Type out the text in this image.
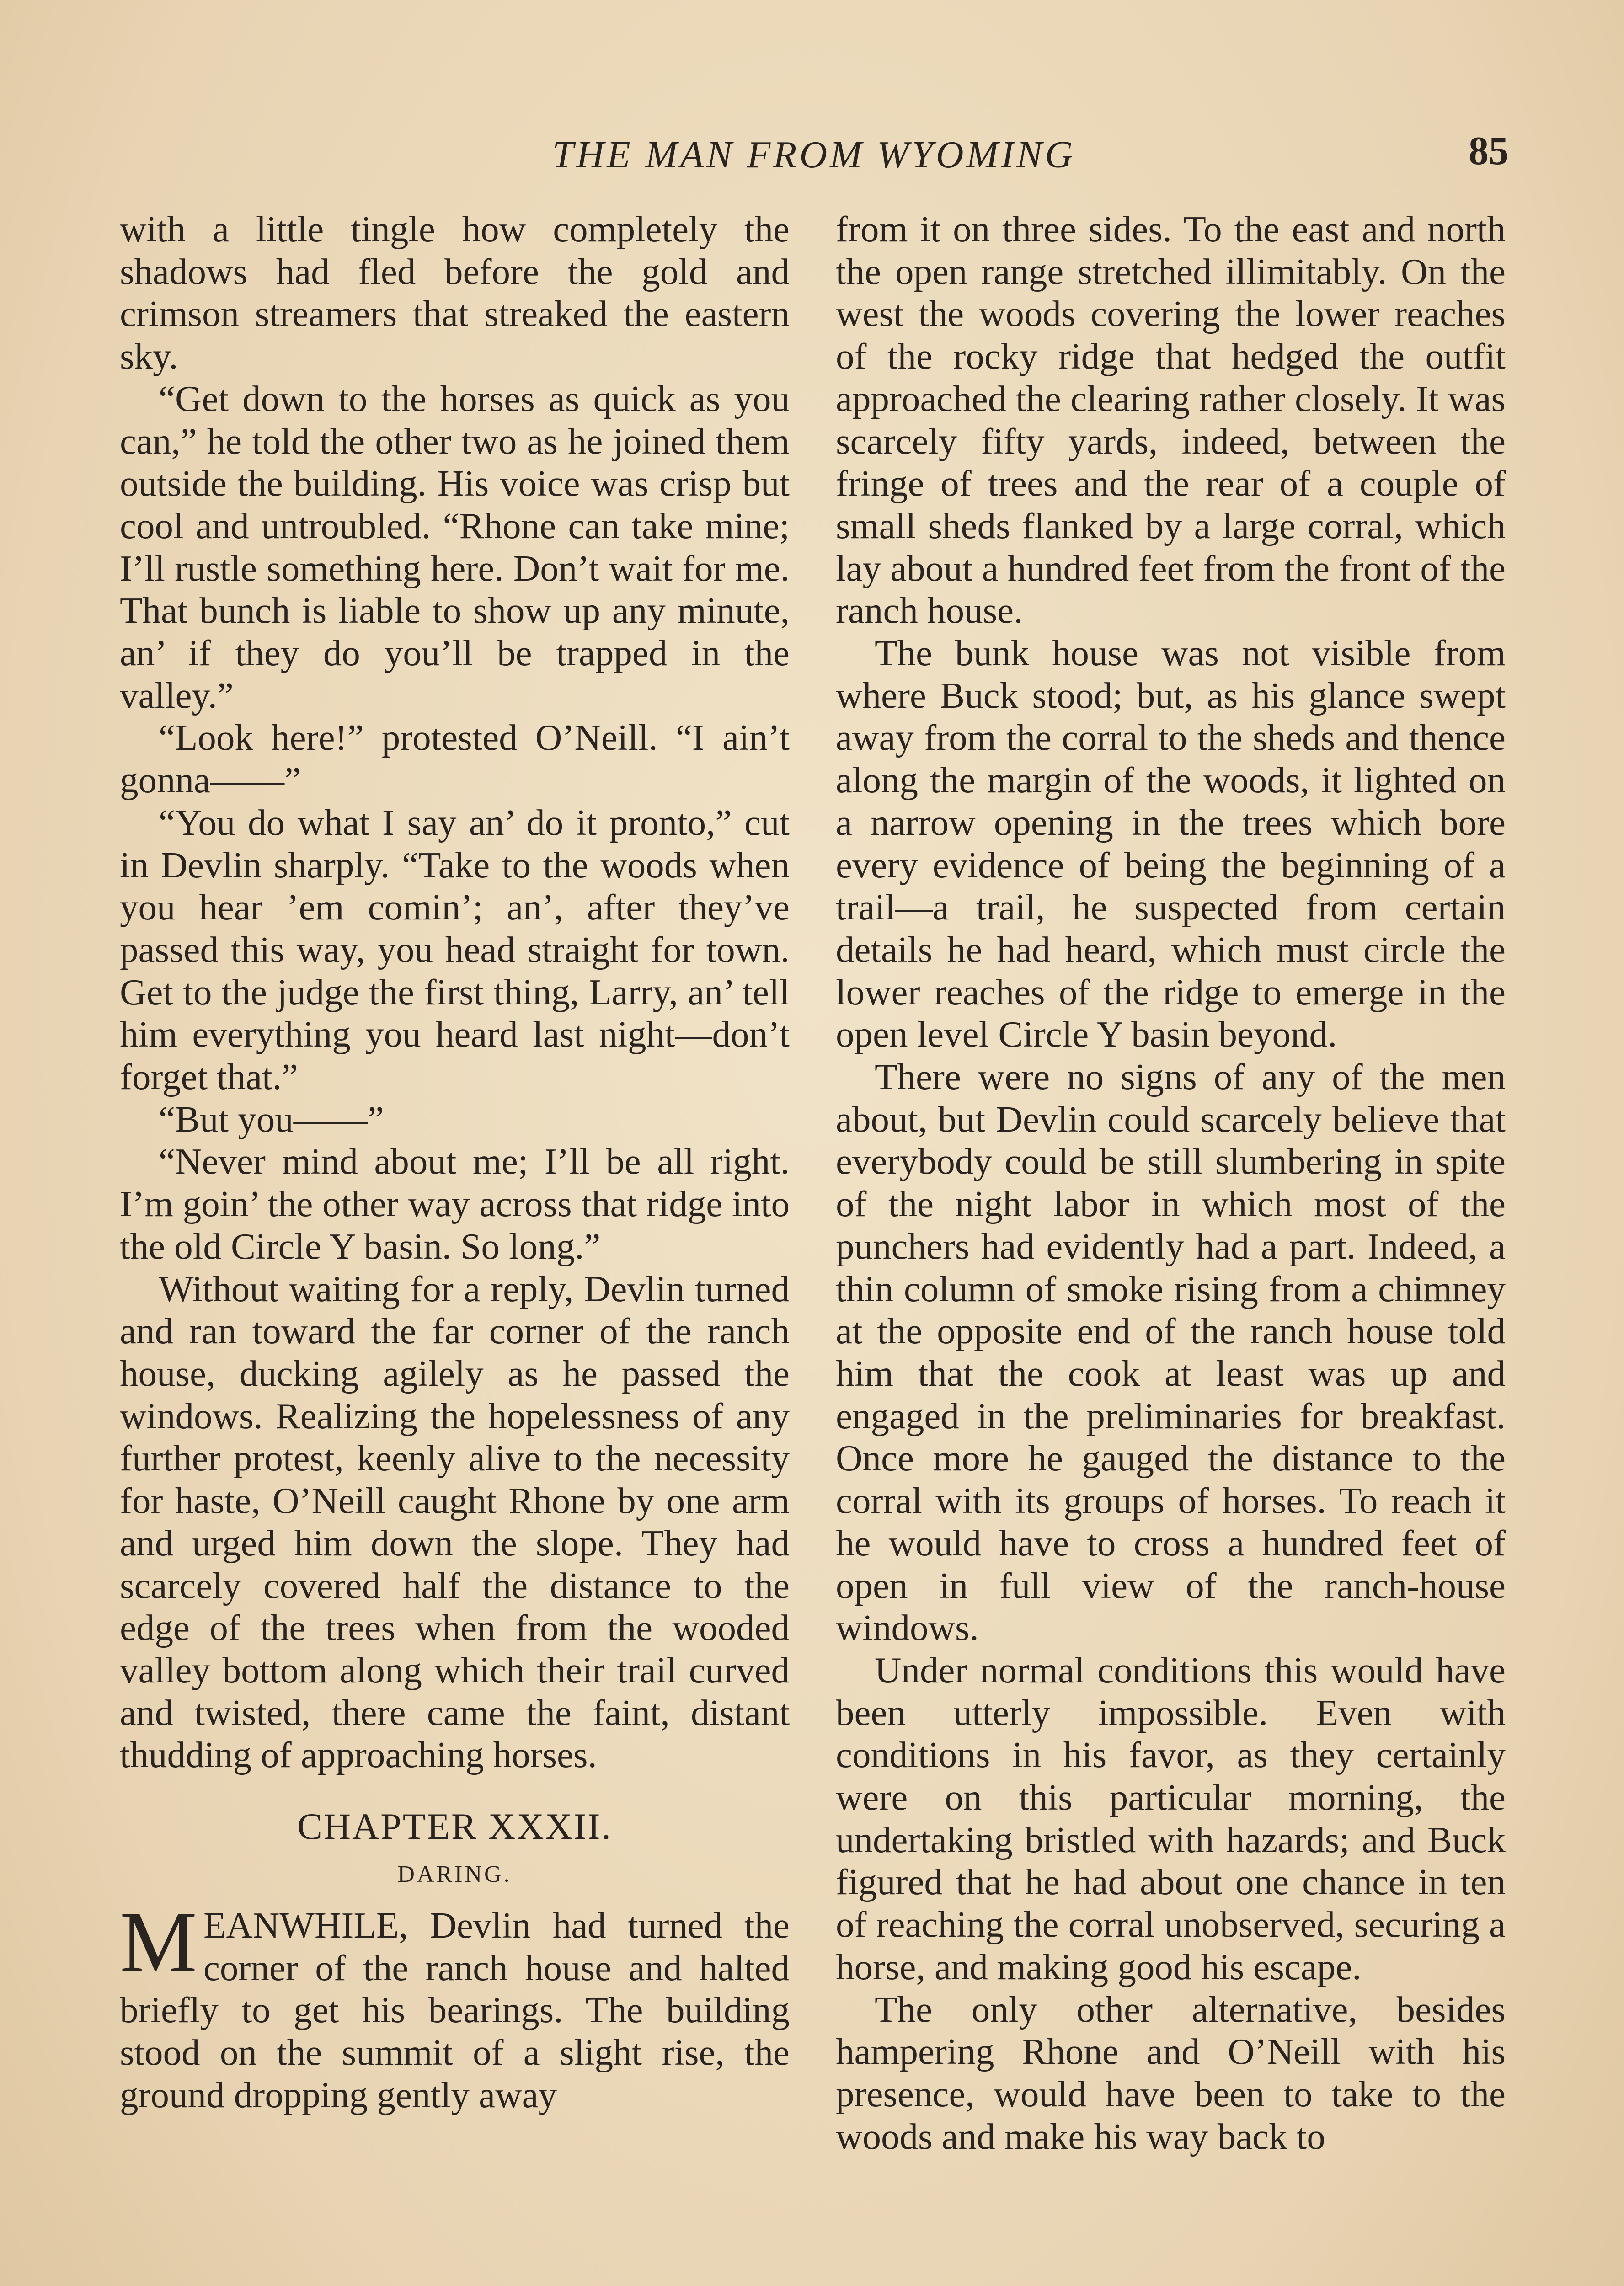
THE MAN FROM WYOMING	85

with a little tingle how completely the shadows had fled before the gold and crimson streamers that streaked the eastern sky.

“Get down to the horses as quick as you can,” he told the other two as he joined them outside the building. His voice was crisp but cool and untroubled. “Rhone can take mine; I’ll rustle something here. Don’t wait for me. That bunch is liable to show up any minute, an’ if they do you’ll be trapped in the valley.”

“Look here!” protested O’Neill. “I ain’t gonna——”

“You do what I say an’ do it pronto,” cut in Devlin sharply. “Take to the woods when you hear ’em comin’; an’, after they’ve passed this way, you head straight for town. Get to the judge the first thing, Larry, an’ tell him everything you heard last night—don’t forget that.”

“But you——”

“Never mind about me; I’ll be all right. I’m goin’ the other way across that ridge into the old Circle Y basin. So long.”

Without waiting for a reply, Devlin turned and ran toward the far corner of the ranch house, ducking agilely as he passed the windows. Realizing the hopelessness of any further protest, keenly alive to the necessity for haste, O’Neill caught Rhone by one arm and urged him down the slope. They had scarcely covered half the distance to the edge of the trees when from the wooded valley bottom along which their trail curved and twisted, there came the faint, distant thudding of approaching horses.

CHAPTER XXXII.
DARING.

MEANWHILE, Devlin had turned the corner of the ranch house and halted briefly to get his bearings. The building stood on the summit of a slight rise, the ground dropping gently away

from it on three sides. To the east and north the open range stretched illimitably. On the west the woods covering the lower reaches of the rocky ridge that hedged the outfit approached the clearing rather closely. It was scarcely fifty yards, indeed, between the fringe of trees and the rear of a couple of small sheds flanked by a large corral, which lay about a hundred feet from the front of the ranch house.

The bunk house was not visible from where Buck stood; but, as his glance swept away from the corral to the sheds and thence along the margin of the woods, it lighted on a narrow opening in the trees which bore every evidence of being the beginning of a trail—a trail, he suspected from certain details he had heard, which must circle the lower reaches of the ridge to emerge in the open level Circle Y basin beyond.

There were no signs of any of the men about, but Devlin could scarcely believe that everybody could be still slumbering in spite of the night labor in which most of the punchers had evidently had a part. Indeed, a thin column of smoke rising from a chimney at the opposite end of the ranch house told him that the cook at least was up and engaged in the preliminaries for breakfast. Once more he gauged the distance to the corral with its groups of horses. To reach it he would have to cross a hundred feet of open in full view of the ranch-house windows.

Under normal conditions this would have been utterly impossible. Even with conditions in his favor, as they certainly were on this particular morning, the undertaking bristled with hazards; and Buck figured that he had about one chance in ten of reaching the corral unobserved, securing a horse, and making good his escape.

The only other alternative, besides hampering Rhone and O’Neill with his presence, would have been to take to the woods and make his way back to
